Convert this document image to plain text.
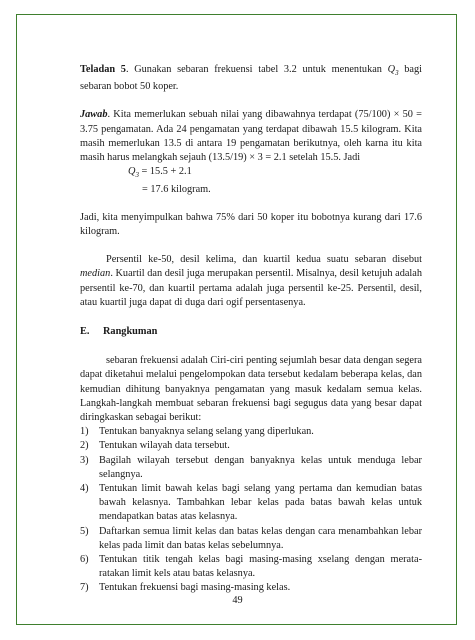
Teladan 5. Gunakan sebaran frekuensi tabel 3.2 untuk menentukan $Q_3$ bagi sebaran bobot 50 koper.

Jawab. Kita memerlukan sebuah nilai yang dibawahnya terdapat (75/100) × 50 = 3.75 pengamatan. Ada 24 pengamatan yang terdapat dibawah 15.5 kilogram. Kita masih memerlukan 13.5 di antara 19 pengamatan berikutnya, oleh karna itu kita masih harus melangkah sejauh (13.5/19) × 3 = 2.1 setelah 15.5. Jadi

$Q_3 = 15.5 + 2.1$

= 17.6 kilogram.

Jadi, kita menyimpulkan bahwa 75% dari 50 koper itu bobotnya kurang dari 17.6 kilogram.

Persentil ke-50, desil kelima, dan kuartil kedua suatu sebaran disebut median. Kuartil dan desil juga merupakan persentil. Misalnya, desil ketujuh adalah persentil ke-70, dan kuartil pertama adalah juga persentil ke-25. Persentil, desil, atau kuartil juga dapat di duga dari ogif persentasenya.

E.	Rangkuman

sebaran frekuensi adalah Ciri-ciri penting sejumlah besar data dengan segera dapat diketahui melalui pengelompokan data tersebut kedalam beberapa kelas, dan kemudian dihitung banyaknya pengamatan yang masuk kedalam semua kelas. Langkah-langkah membuat sebaran frekuensi bagi segugus data yang besar dapat diringkaskan sebagai berikut:

1)	Tentukan banyaknya selang selang yang diperlukan.
2)	Tentukan wilayah data tersebut.
3)	Bagilah wilayah tersebut dengan banyaknya kelas untuk menduga lebar selangnya.
4)	Tentukan limit bawah kelas bagi selang yang pertama dan kemudian batas bawah kelasnya. Tambahkan lebar kelas pada batas bawah kelas untuk mendapatkan batas atas kelasnya.
5)	Daftarkan semua limit kelas dan batas kelas dengan cara menambahkan lebar kelas pada limit dan batas kelas sebelumnya.
6)	Tentukan titik tengah kelas bagi masing-masing xselang dengan merata-ratakan limit kels atau batas kelasnya.
7)	Tentukan frekuensi bagi masing-masing kelas.
49
